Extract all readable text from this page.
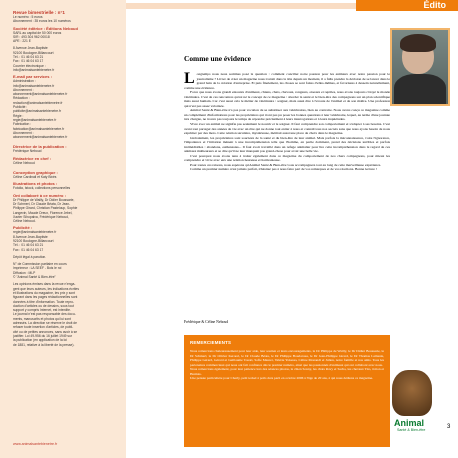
Revue bimestrielle : n°1
Le numéro : 5 euros
Abonnement : 35 euros les 10 numéros
Société éditrice : Éditions Neboud
SARL au capital de 50 000 euros
SIR : 493 304 962 00018
APE : 221 E
8 Avenue Jean-Baptiste
92100 Boulogne-Billancourt
Tél. : 01 46 04 63 21
Fax : 01 46 04 63 17
Courrier électronique :
info@animalsantebienetre.fr
E-mail par services :
Administration :
info@animalsantebienetre.fr
Abonnement :
abonnement@animalsantebienetre.fr
Rédaction :
redaction@animalsantebienetre.fr
Publicité :
publicite@animalsantebienetre.fr
Régie :
regie@animalsantebienetre.fr
Fabrication :
fabrication@animalsantebienetre.fr
Abonnement :
abonnement@animalsantebienetre.fr
Directrice de la publication :
Frédérique Neboud
Rédactrice en chef :
Céline Neboud
Conception graphique :
Céline Cardinali et Katy Bivès
Illustrations et photos :
Fotolia, Istock, collections personnelles
Ont collaboré à ce numéro :
Dr Philippe de Wailly, Dr Didier Boussarie,
Dr Schmerl, Dr Claude Béata, Dr Jean-
Philippe Girard, Christian Pasteloup, Sophie
Langevin, Maude Dreux, Florence Jebel,
Xavier Sihopalva, Frédérique Neboud,
Céline Neboud.
Publicité :
regie@animalsantebienetre.fr
8 Avenue Jean-Baptiste
92100 Boulogne-Billancourt
Tél. : 01 46 04 63 21
Fax : 01 46 04 63 17
Dépôt légal à parution.
N° de Commission paritaire en cours
Imprimeur : LA SEEF - Bois le roi
Diffusion : MLP
© "Animal Santé & Bien-être"
Les opinions émises dans la revue n'enga-
gent que leurs auteurs, les indications écrites
et illustrations du magazine, les prix y sont
figurant dans les pages rédactionnelles sont
données à titre d'information. Toute repro-
duction d'articles ou de dessins, sous tout
support y compris Internet, est interdite.
Le journal n'est pas responsable des docu-
ments, manuscrits et photos qui lui sont
adressés. La direction se réserve le droit de
refuser toute insertion d'articles, de publi-
cité ou de petites annonces, sans avoir à se
justifier. Loi 49-956 du 16 juillet 1949 sur
la publication (en application de la loi
de 1881, relative à la liberté de la presse).
www.animalsantebienetre.fr
Édito
Comme une évidence

Longtemps nous nous sommes posé la question : comment concilier notre passion pour les animaux avec notre passion pour le journalisme ? Livrer de créer un magazine nous trottait dans la tête depuis un moment, il a fallu prendre la décision de se lancer dans le grand bain de la création d'entreprise. Et puis finalement, les choses se sont faites d'elles-mêmes, et favorisées à dessein naturellement, comme une évidence.

Force que nous avons grandi entourés d'animaux, chiens, chats, chevaux, rongeurs, oiseaux et reptiles, nous avons toujours côtoyé le monde vétérinaire. C'est de ces rencontres qu'est né le concept de ce magazine : aborder la santé et le bien-être des compagnons sur un plan scientifique mais aussi humain. Car c'est aussi cela le métier de vétérinaire : soigner, mais aussi être à l'écoute de l'animal et de son maître. Une profession qui n'est pas assez valorisée.

Animal Santé & Bien-être n'a pas pour vocation de se substituer aux vétérinaires, bien au contraire. Nous avons conçu ce magazine comme un complément d'informations pour les propriétaires qui n'ont pas pu poser les bonnes questions à leur vétérinaire, lequel, au terme d'une journée très chargée, ne trouve pas toujours le temps de répondre précisément à leurs interrogations et à leurs inquiétudes.

Vivre avec un animal ne signifie pas seulement le nourrir et le soigner. Il faut comprendre son comportement et s'adapter à ses besoins. C'est avant tout partager des années de vie avec un être qui ne donne tout entier à nous et connaît tous nos secrets sans que nous ayons besoin de nous exprimer par des mots. Cette relation séculaire, mystérieuse, méritait aussi une place de choix dans le magazine.

Globalement, les propriétaires sont soucieux de la santé et du bien-être de leur animal. Mais parfois la méconnaissance, voire l'ignorance, l'impatience et l'irritation mènent à une incompréhension telle que l'homme, en partie dominant, prend des décisions terribles et parfois irrémédiables : abandons, euthanasies... Il faut avoir travaillé dans un refuge animalier pour lire cette incompréhension dans le regard de ces animaux malheureux et se dire qu'il ne leur manquait pas grand-chose pour avoir une belle vie.

C'est pourquoi nous avons tenu à traiter également dans ce magazine du comportement de nos chers compagnons, pour mieux les comprendre et vivre avec eux une relation heureuse et harmonieuse.

Pour toutes ces raisons, nous espérons qu'Animal Santé & Bien-être vous accompagnera tout au long de cette merveilleuse expérience.

Comme un premier numéro n'est jamais parfait, n'hésitez pas à nous faire part de vos remarques et de vos réactions. Bonne lecture !

Frédérique & Céline Neboud
REMERCIEMENTS

Nous remercions chaleureusement pour leur aide, leur soutien et leurs encouragements, le Dr Philippe de Wailly, le Dr Didier Boussarie, le Dr Schmerl, le Dr Olivier Kerorel, le Dr Claude Béata, le Dr Philippe Boudaroua, le Dr Jean-Philippe Girard, le Dr Thomas Lamusle, Philippe Gérard, Gérard et Guillaume Touati, Sofie Maurer, Valérie Yokessa, Céline Monandi et Julien, notre famille et nos amis. Tous les partenaires commerciaux qui nous ont fait confiance dès le premier numéro, ainsi que les passionnés d'animaux qui ont collaboré avec nous.

Nous remercions également, pour leur patience lors des séances photos, le chien Sonny, les chats Ravy et Sacha, les chevaux Tito, Jotton et Hermès.

Une pensée particulière pour Charly, petit teckel à poils durs parti en octobre 2006 à l'âge de 20 ans, à qui nous dédions ce magazine.

Animal
Santé & Bien-être	3
